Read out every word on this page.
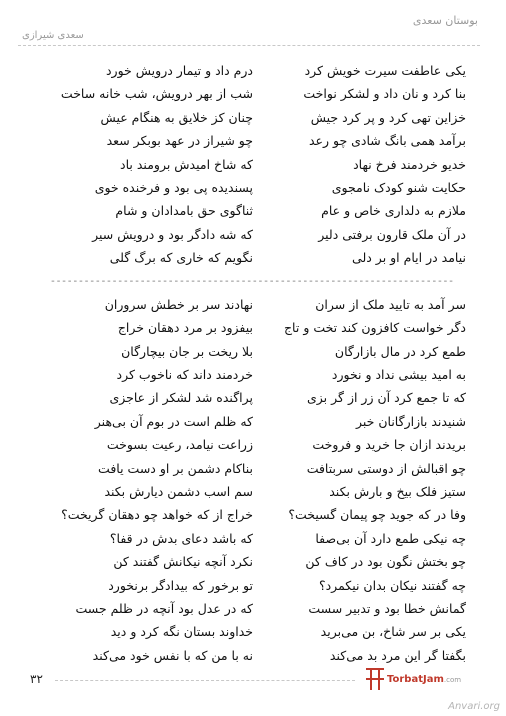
بوستان سعدی
سعدی شیرازی
یکی عاطفت سیرت خویش کرد
درم داد و تیمار درویش خورد
بنا کرد و نان داد و لشکر نواخت
شب از بهر درویش، شب خانه ساخت
خزاین تهی کرد و پر کرد جیش
چنان کز خلایق به هنگام عیش
برآمد همی بانگ شادی چو رعد
چو شیراز در عهد بوبکر سعد
خدیو خردمند فرخ نهاد
که شاخ امیدش برومند باد
حکایت شنو کودک نامجوی
پسندیده پی بود و فرخنده خوی
ملازم به دلداری خاص و عام
ثناگوی حق بامدادان و شام
در آن ملک قارون برفتی دلیر
که شه دادگر بود و درویش سیر
نیامد در ایام او بر دلی
نگویم که خاری که برگ گلی
------------------------------------------------------------------------
سر آمد به تایید ملک از سران
نهادند سر بر خطش سروران
دگر خواست کافزون کند تخت و تاج
بیفزود بر مرد دهقان خراج
طمع کرد در مال بازارگان
بلا ریخت بر جان بیچارگان
به امید بیشی نداد و نخورد
خردمند داند که ناخوب کرد
که تا جمع کرد آن زر از گر بزی
پراگنده شد لشکر از عاجزی
شنیدند بازارگانان خبر
که ظلم است در بوم آن بی‌هنر
بریدند ازان جا خرید و فروخت
زراعت نیامد، رعیت بسوخت
چو اقبالش از دوستی سربتافت
بناکام دشمن بر او دست یافت
ستیز فلک بیخ و بارش بکند
سم اسب دشمن دیارش بکند
وفا در که جوید چو پیمان گسیخت؟
خراج از که خواهد چو دهقان گریخت؟
چه نیکی طمع دارد آن بی‌صفا
که باشد دعای بدش در قفا؟
چو بختش نگون بود در کاف کن
نکرد آنچه نیکانش گفتند کن
چه گفتند نیکان بدان نیکمرد؟
تو برخور که بیدادگر برنخورد
گمانش خطا بود و تدبیر سست
که در عدل بود آنچه در ظلم جست
یکی بر سر شاخ، بن می‌برید
خداوند بستان نگه کرد و دید
بگفتا گر این مرد بد می‌کند
نه با من که با نفس خود می‌کند
۳۲	TorbatJam.com
Anvari.org
